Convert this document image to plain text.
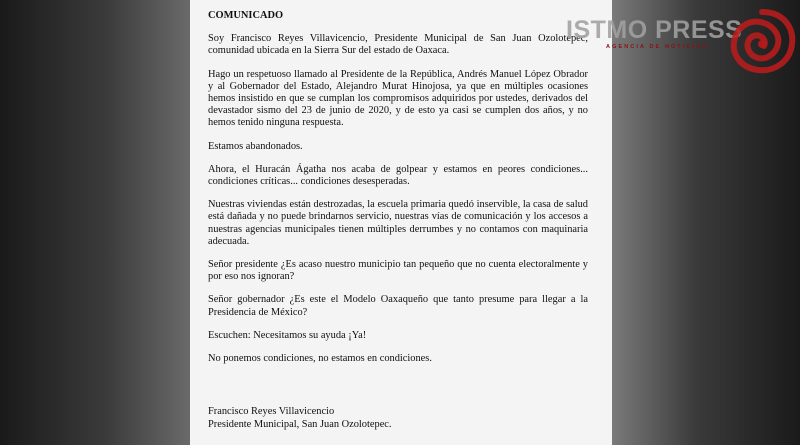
COMUNICADO

Soy Francisco Reyes Villavicencio, Presidente Municipal de San Juan Ozolotepec, comunidad ubicada en la Sierra Sur del estado de Oaxaca.

Hago un respetuoso llamado al Presidente de la República, Andrés Manuel López Obrador y al Gobernador del Estado, Alejandro Murat Hinojosa, ya que en múltiples ocasiones hemos insistido en que se cumplan los compromisos adquiridos por ustedes, derivados del devastador sismo del 23 de junio de 2020, y de esto ya casi se cumplen dos años, y no hemos tenido ninguna respuesta.

Estamos abandonados.

Ahora, el Huracán Ágatha nos acaba de golpear y estamos en peores condiciones... condiciones críticas... condiciones desesperadas.

Nuestras viviendas están destrozadas, la escuela primaria quedó inservible, la casa de salud está dañada y no puede brindarnos servicio, nuestras vías de comunicación y los accesos a nuestras agencias municipales tienen múltiples derrumbes y no contamos con maquinaria adecuada.

Señor presidente ¿Es acaso nuestro municipio tan pequeño que no cuenta electoralmente y por eso nos ignoran?

Señor gobernador ¿Es este el Modelo Oaxaqueño que tanto presume para llegar a la Presidencia de México?

Escuchen: Necesitamos su ayuda ¡Ya!

No ponemos condiciones, no estamos en condiciones.

Francisco Reyes Villavicencio
Presidente Municipal, San Juan Ozolotepec.
ISTMO PRESS
AGENCIA DE NOTICIAS
